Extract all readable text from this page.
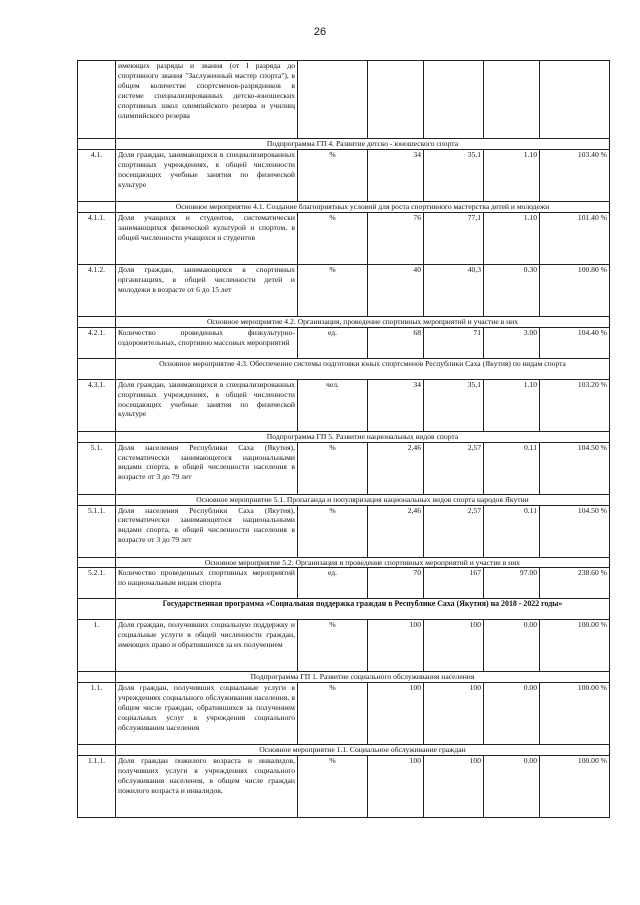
26
	имеющих разряды и звания (от I разряда до спортивного звания "Заслуженный мастер спорта"), в общем количестве спортсменов-разрядников в системе специализированных детско-юношеских спортивных школ олимпийского резерва и училищ олимпийского резерва					
	Подпрограмма ГП 4. Развитие детско - юношеского спорта					
4.1.	Доля граждан, занимающихся в специализированных спортивных учреждениях, в общей численности посещающих учебные занятия по физической культуре	%	34	35,1	1.10	103.40 %
	Основное мероприятие 4.1. Создание благоприятных условий для роста спортивного мастерства детей и молодежи					
4.1.1.	Доля учащихся и студентов, систематически занимающихся физической культурой и спортом, в общей численности учащихся и студентов	%	76	77,1	1.10	101.40 %
4.1.2.	Доля граждан, занимающихся в спортивных организациях, в общей численности детей и молодежи в возрасте от 6 до 15 лет	%	40	40,3	0.30	100.80 %
	Основное мероприятие 4.2. Организация, проведение спортивных мероприятий и участие в них					
4.2.1.	Количество проведенных физкультурно-оздоровительных, спортивно массовых мероприятий	ед.	68	71	3.00	104.40 %
	Основное мероприятие 4.3. Обеспечение системы подготовки юных спортсменов Республики Саха (Якутия) по видам спорта					
4.3.1.	Доля граждан, занимающихся в специализированных спортивных учреждениях, в общей численности посещающих учебные занятия по физической культуре	чел.	34	35,1	1.10	103.20 %
	Подпрограмма ГП 5. Развитие национальных видов спорта					
5.1.	Доля населения Республики Саха (Якутия), систематически занимающегося национальными видами спорта, в общей численности населения в возрасте от 3 до 79 лет	%	2,46	2,57	0.11	104.50 %
	Основное мероприятие 5.1. Пропаганда и популяризация национальных видов спорта народов Якутии					
5.1.1.	Доля населения Республики Саха (Якутия), систематически занимающегося национальными видами спорта, в общей численности населения в возрасте от 3 до 79 лет	%	2,46	2,57	0.11	104.50 %
	Основное мероприятие 5.2. Организация и проведение спортивных мероприятий и участие в них					
5.2.1.	Количество проведенных спортивных мероприятий по национальным видам спорта	ед.	70	167	97.00	238.60 %
	Государственная программа «Социальная поддержка граждан в Республике Саха (Якутия) на 2018 - 2022 годы»					
1.	Доля граждан, получивших социальную поддержку и социальные услуги в общей численности граждан, имеющих право и обратившихся за их получением	%	100	100	0.00	100.00 %
	Подпрограмма ГП 1. Развитие социального обслуживания населения					
1.1.	Доля граждан, получивших социальные услуги в учреждениях социального обслуживания населения, в общем числе граждан, обратившихся за получением социальных услуг в учреждения социального обслуживания населения	%	100	100	0.00	100.00 %
	Основное мероприятие 1.1. Социальное обслуживание граждан					
1.1.1.	Доля граждан пожилого возраста и инвалидов, получивших услуги в учреждениях социального обслуживания населения, в общем числе граждан пожилого возраста и инвалидов,	%	100	100	0.00	100.00 %
